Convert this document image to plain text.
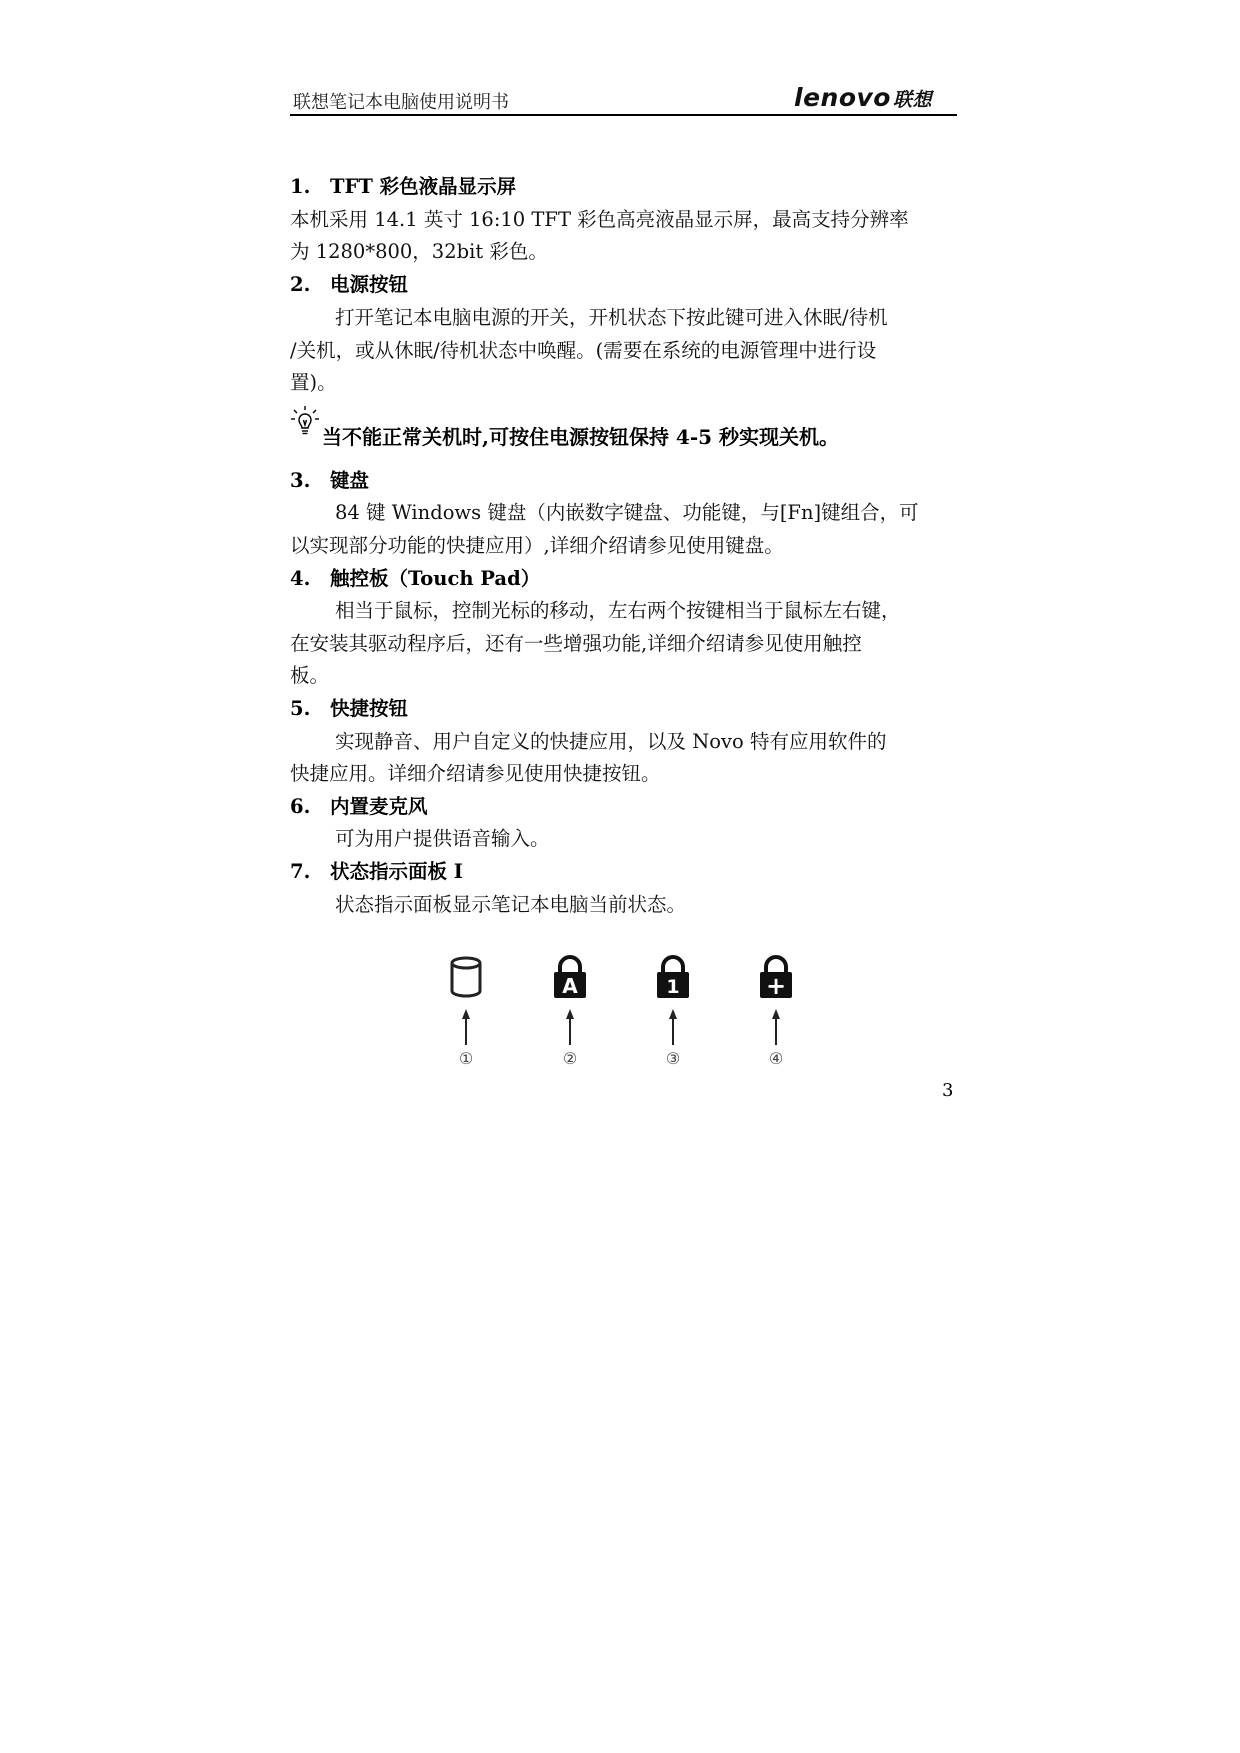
联想笔记本电脑使用说明书	lenovo 联想
1. TFT 彩色液晶显示屏
本机采用 14.1 英寸 16:10 TFT 彩色高亮液晶显示屏，最高支持分辨率
为 1280*800，32bit 彩色。
2. 电源按钮
打开笔记本电脑电源的开关，开机状态下按此键可进入休眠/待机
/关机，或从休眠/待机状态中唤醒。(需要在系统的电源管理中进行设
置)。
当不能正常关机时,可按住电源按钮保持 4-5 秒实现关机。
3. 键盘
84 键 Windows 键盘（内嵌数字键盘、功能键，与[Fn]键组合，可
以实现部分功能的快捷应用）,详细介绍请参见使用键盘。
4. 触控板（Touch Pad）
相当于鼠标，控制光标的移动，左右两个按键相当于鼠标左右键，
在安装其驱动程序后，还有一些增强功能,详细介绍请参见使用触控
板。
5. 快捷按钮
实现静音、用户自定义的快捷应用，以及 Novo 特有应用软件的
快捷应用。详细介绍请参见使用快捷按钮。
6. 内置麦克风
可为用户提供语音输入。
7. 状态指示面板 I
状态指示面板显示笔记本电脑当前状态。
A	1	+
①	②	③	④
3
